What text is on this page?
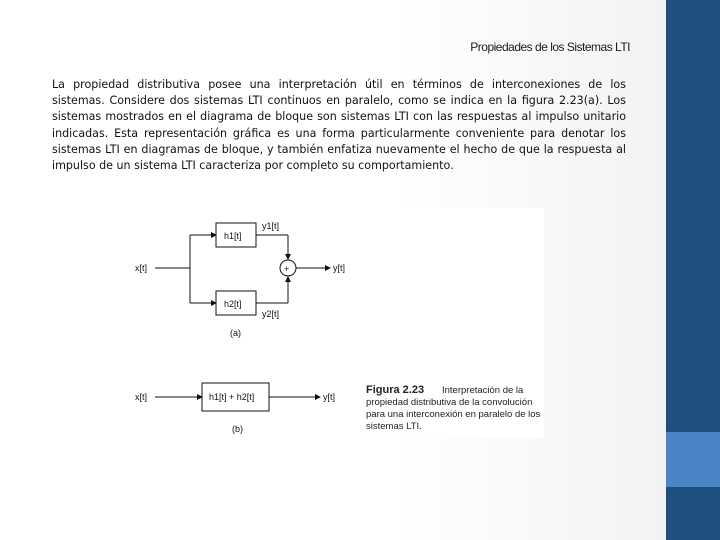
Propiedades de los Sistemas LTI
La propiedad distributiva posee una interpretación útil en términos de interconexiones de los sistemas. Considere dos sistemas LTI continuos en paralelo, como se indica en la figura 2.23(a). Los sistemas mostrados en el diagrama de bloque son sistemas LTI con las respuestas al impulso unitario indicadas. Esta representación gráfica es una forma particularmente conveniente para denotar los sistemas LTI en diagramas de bloque, y también enfatiza nuevamente el hecho de que la respuesta al impulso de un sistema LTI caracteriza por completo su comportamiento.
x[t]
h1[t]
h2[t]
y1[t]
y2[t]
+	y[t]
(a)
x[t]	h1[t] + h2[t]	y[t]
(b)
Figura 2.23 Interpretación de la
propiedad distributiva de la convolución
para una interconexión en paralelo de los
sistemas LTI.
